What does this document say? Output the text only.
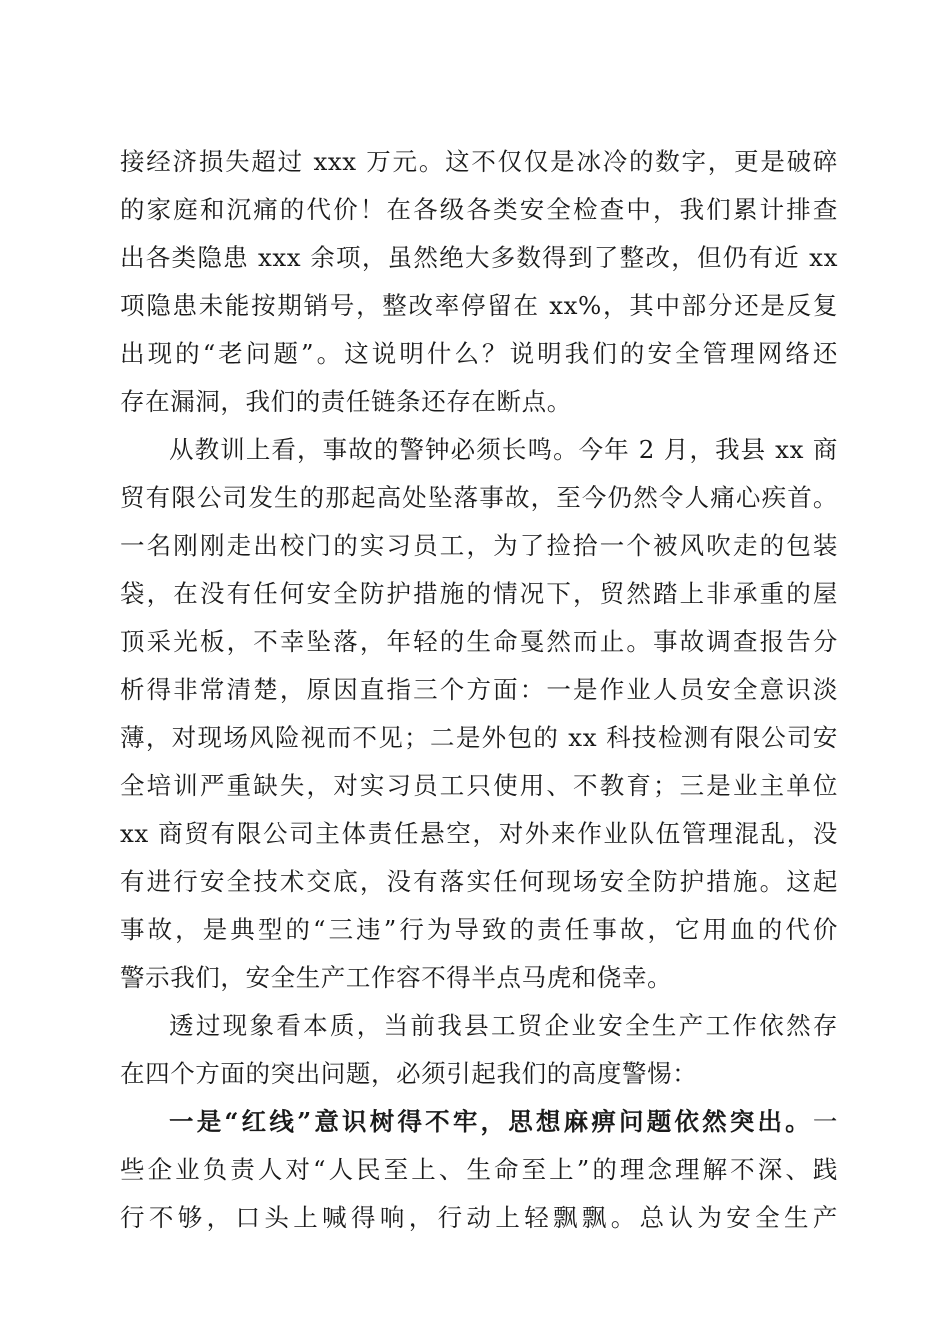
接经济损失超过 xxx 万元。这不仅仅是冰冷的数字，更是破碎
的家庭和沉痛的代价！在各级各类安全检查中，我们累计排查
出各类隐患 xxx 余项，虽然绝大多数得到了整改，但仍有近 xx
项隐患未能按期销号，整改率停留在 xx%，其中部分还是反复
出现的“老问题”。这说明什么？说明我们的安全管理网络还
存在漏洞，我们的责任链条还存在断点。
从教训上看，事故的警钟必须长鸣。今年 2 月，我县 xx 商
贸有限公司发生的那起高处坠落事故，至今仍然令人痛心疾首。
一名刚刚走出校门的实习员工，为了捡拾一个被风吹走的包装
袋，在没有任何安全防护措施的情况下，贸然踏上非承重的屋
顶采光板，不幸坠落，年轻的生命戛然而止。事故调查报告分
析得非常清楚，原因直指三个方面：一是作业人员安全意识淡
薄，对现场风险视而不见；二是外包的 xx 科技检测有限公司安
全培训严重缺失，对实习员工只使用、不教育；三是业主单位
xx 商贸有限公司主体责任悬空，对外来作业队伍管理混乱，没
有进行安全技术交底，没有落实任何现场安全防护措施。这起
事故，是典型的“三违”行为导致的责任事故，它用血的代价
警示我们，安全生产工作容不得半点马虎和侥幸。
透过现象看本质，当前我县工贸企业安全生产工作依然存
在四个方面的突出问题，必须引起我们的高度警惕：
一是“红线”意识树得不牢，思想麻痹问题依然突出。一
些企业负责人对“人民至上、生命至上”的理念理解不深、践
行不够，口头上喊得响，行动上轻飘飘。总认为安全生产
